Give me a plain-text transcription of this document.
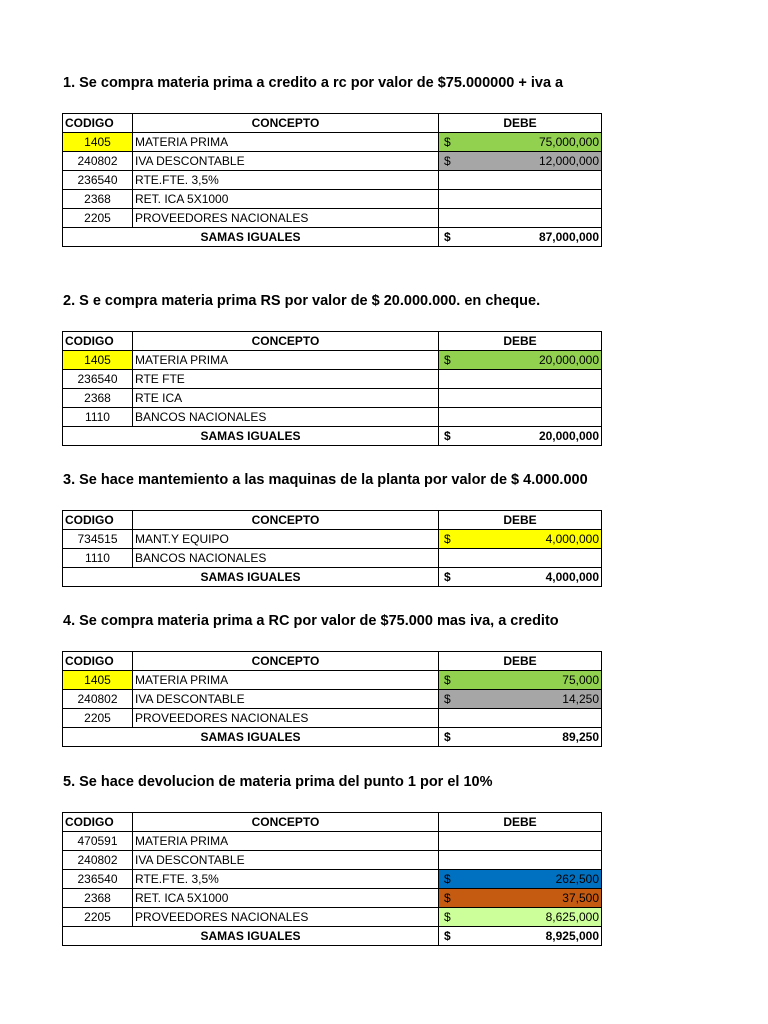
1. Se compra materia prima a credito a rc por valor de $75.000000 + iva a
CODIGO	CONCEPTO	DEBE
1405	MATERIA PRIMA	$ 75,000,000
240802	IVA DESCONTABLE	$ 12,000,000
236540	RTE.FTE. 3,5%	
2368	RET. ICA 5X1000	
2205	PROVEEDORES NACIONALES	
SAMAS IGUALES		$ 87,000,000
2. S e compra materia prima RS por valor de $ 20.000.000. en cheque.
CODIGO	CONCEPTO	DEBE
1405	MATERIA PRIMA	$ 20,000,000
236540	RTE FTE	
2368	RTE ICA	
1110	BANCOS NACIONALES	
SAMAS IGUALES		$ 20,000,000
3. Se hace mantemiento a las maquinas de la planta por valor de $ 4.000.000
CODIGO	CONCEPTO	DEBE
734515	MANT.Y EQUIPO	$ 4,000,000
1110	BANCOS NACIONALES	
SAMAS IGUALES		$ 4,000,000
4. Se compra materia prima a RC por valor de $75.000 mas iva, a credito
CODIGO	CONCEPTO	DEBE
1405	MATERIA PRIMA	$ 75,000
240802	IVA DESCONTABLE	$ 14,250
2205	PROVEEDORES NACIONALES	
SAMAS IGUALES		$ 89,250
5. Se hace devolucion de materia prima del punto 1 por el 10%
CODIGO	CONCEPTO	DEBE
470591	MATERIA PRIMA	
240802	IVA DESCONTABLE	
236540	RTE.FTE. 3,5%	$ 262,500
2368	RET. ICA 5X1000	$ 37,500
2205	PROVEEDORES NACIONALES	$ 8,625,000
SAMAS IGUALES		$ 8,925,000
